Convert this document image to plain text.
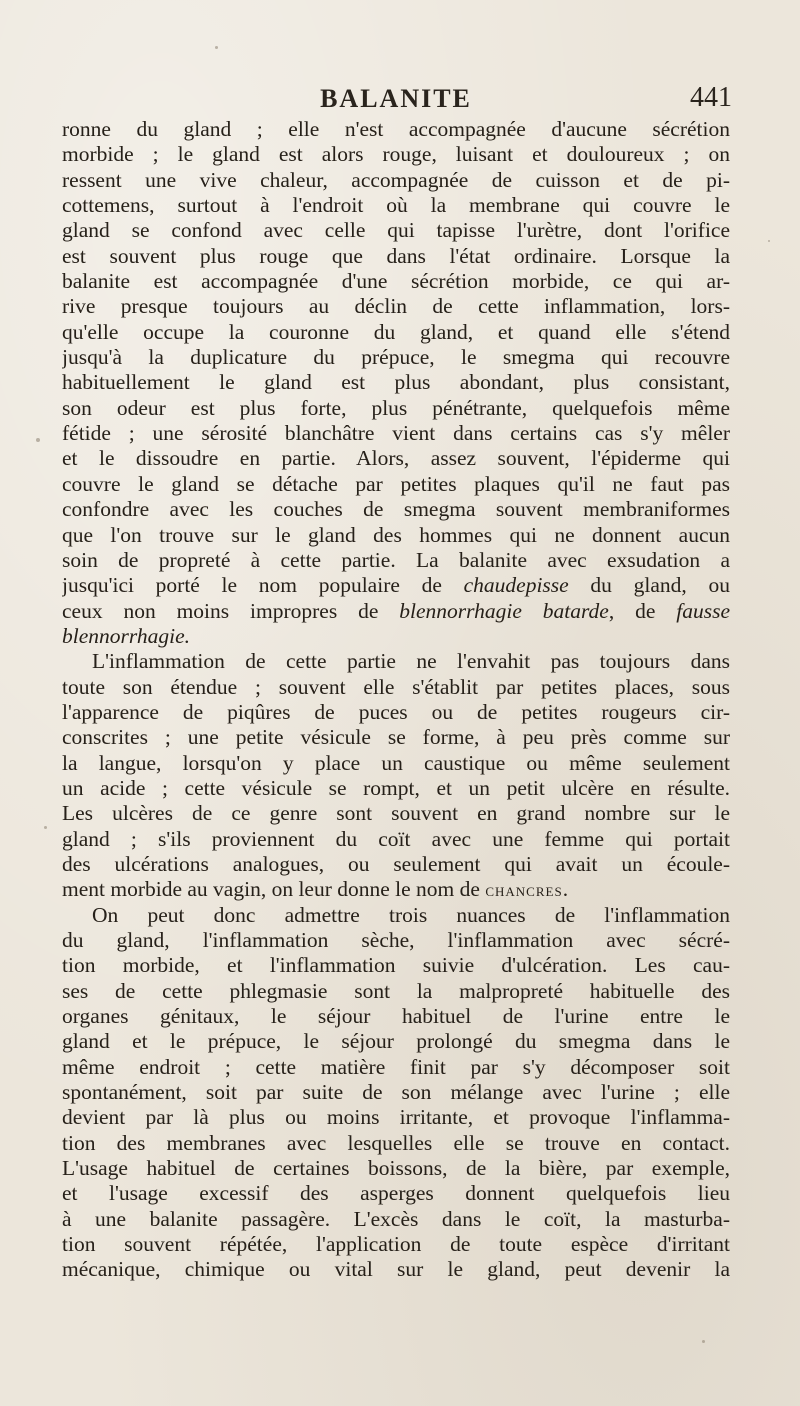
BALANITE	441
ronne du gland ; elle n'est accompagnée d'aucune sécrétion
morbide ; le gland est alors rouge, luisant et douloureux ; on
ressent une vive chaleur, accompagnée de cuisson et de pi-
cottemens, surtout à l'endroit où la membrane qui couvre le
gland se confond avec celle qui tapisse l'urètre, dont l'orifice
est souvent plus rouge que dans l'état ordinaire. Lorsque la
balanite est accompagnée d'une sécrétion morbide, ce qui ar-
rive presque toujours au déclin de cette inflammation, lors-
qu'elle occupe la couronne du gland, et quand elle s'étend
jusqu'à la duplicature du prépuce, le smegma qui recouvre
habituellement le gland est plus abondant, plus consistant,
son odeur est plus forte, plus pénétrante, quelquefois même
fétide ; une sérosité blanchâtre vient dans certains cas s'y mêler
et le dissoudre en partie. Alors, assez souvent, l'épiderme qui
couvre le gland se détache par petites plaques qu'il ne faut pas
confondre avec les couches de smegma souvent membraniformes
que l'on trouve sur le gland des hommes qui ne donnent aucun
soin de propreté à cette partie. La balanite avec exsudation a
jusqu'ici porté le nom populaire de chaudepisse du gland, ou
ceux non moins impropres de blennorrhagie batarde, de fausse
blennorrhagie.
L'inflammation de cette partie ne l'envahit pas toujours dans
toute son étendue ; souvent elle s'établit par petites places, sous
l'apparence de piqûres de puces ou de petites rougeurs cir-
conscrites ; une petite vésicule se forme, à peu près comme sur
la langue, lorsqu'on y place un caustique ou même seulement
un acide ; cette vésicule se rompt, et un petit ulcère en résulte.
Les ulcères de ce genre sont souvent en grand nombre sur le
gland ; s'ils proviennent du coït avec une femme qui portait
des ulcérations analogues, ou seulement qui avait un écoule-
ment morbide au vagin, on leur donne le nom de chancres.
On peut donc admettre trois nuances de l'inflammation
du gland, l'inflammation sèche, l'inflammation avec sécré-
tion morbide, et l'inflammation suivie d'ulcération. Les cau-
ses de cette phlegmasie sont la malpropreté habituelle des
organes génitaux, le séjour habituel de l'urine entre le
gland et le prépuce, le séjour prolongé du smegma dans le
même endroit ; cette matière finit par s'y décomposer soit
spontanément, soit par suite de son mélange avec l'urine ; elle
devient par là plus ou moins irritante, et provoque l'inflamma-
tion des membranes avec lesquelles elle se trouve en contact.
L'usage habituel de certaines boissons, de la bière, par exemple,
et l'usage excessif des asperges donnent quelquefois lieu
à une balanite passagère. L'excès dans le coït, la masturba-
tion souvent répétée, l'application de toute espèce d'irritant
mécanique, chimique ou vital sur le gland, peut devenir la
